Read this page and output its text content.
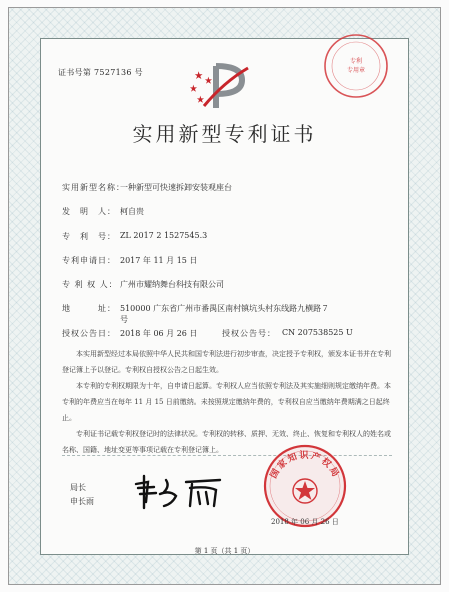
专利
专用章
证书号第 7527136 号
实用新型专利证书
实用新型名称：
一种新型可快速拆卸安装观座台
发　明　人： 柯自贵
专　利　号： ZL 2017 2 1527545.3
专利申请日： 2017 年 11 月 15 日
专 利 权 人： 广州市耀纳舞台科技有限公司
地　　　址： 510000 广东省广州市番禺区南村镇坑头村东线路九横路７
号
授权公告日： 2018 年 06 月 26 日	授权公告号： CN 207538525 U

本实用新型经过本局依照中华人民共和国专利法进行初步审查，决定授予专利权，颁发本证书并在专利登记簿上予以登记。专利权自授权公告之日起生效。

本专利的专利权期限为十年，自申请日起算。专利权人应当依照专利法及其实施细则规定缴纳年费。本专利的年费应当在每年 11 月 15 日前缴纳。未按照规定缴纳年费的，专利权自应当缴纳年费期满之日起终止。

专利证书记载专利权登记时的法律状况。专利权的转移、质押、无效、终止、恢复和专利权人的姓名或名称、国籍、地址变更等事项记载在专利登记簿上。

局长
申长雨
国家知识产权局
2018 年 06 月 26 日
第 1 页（共 1 页）
